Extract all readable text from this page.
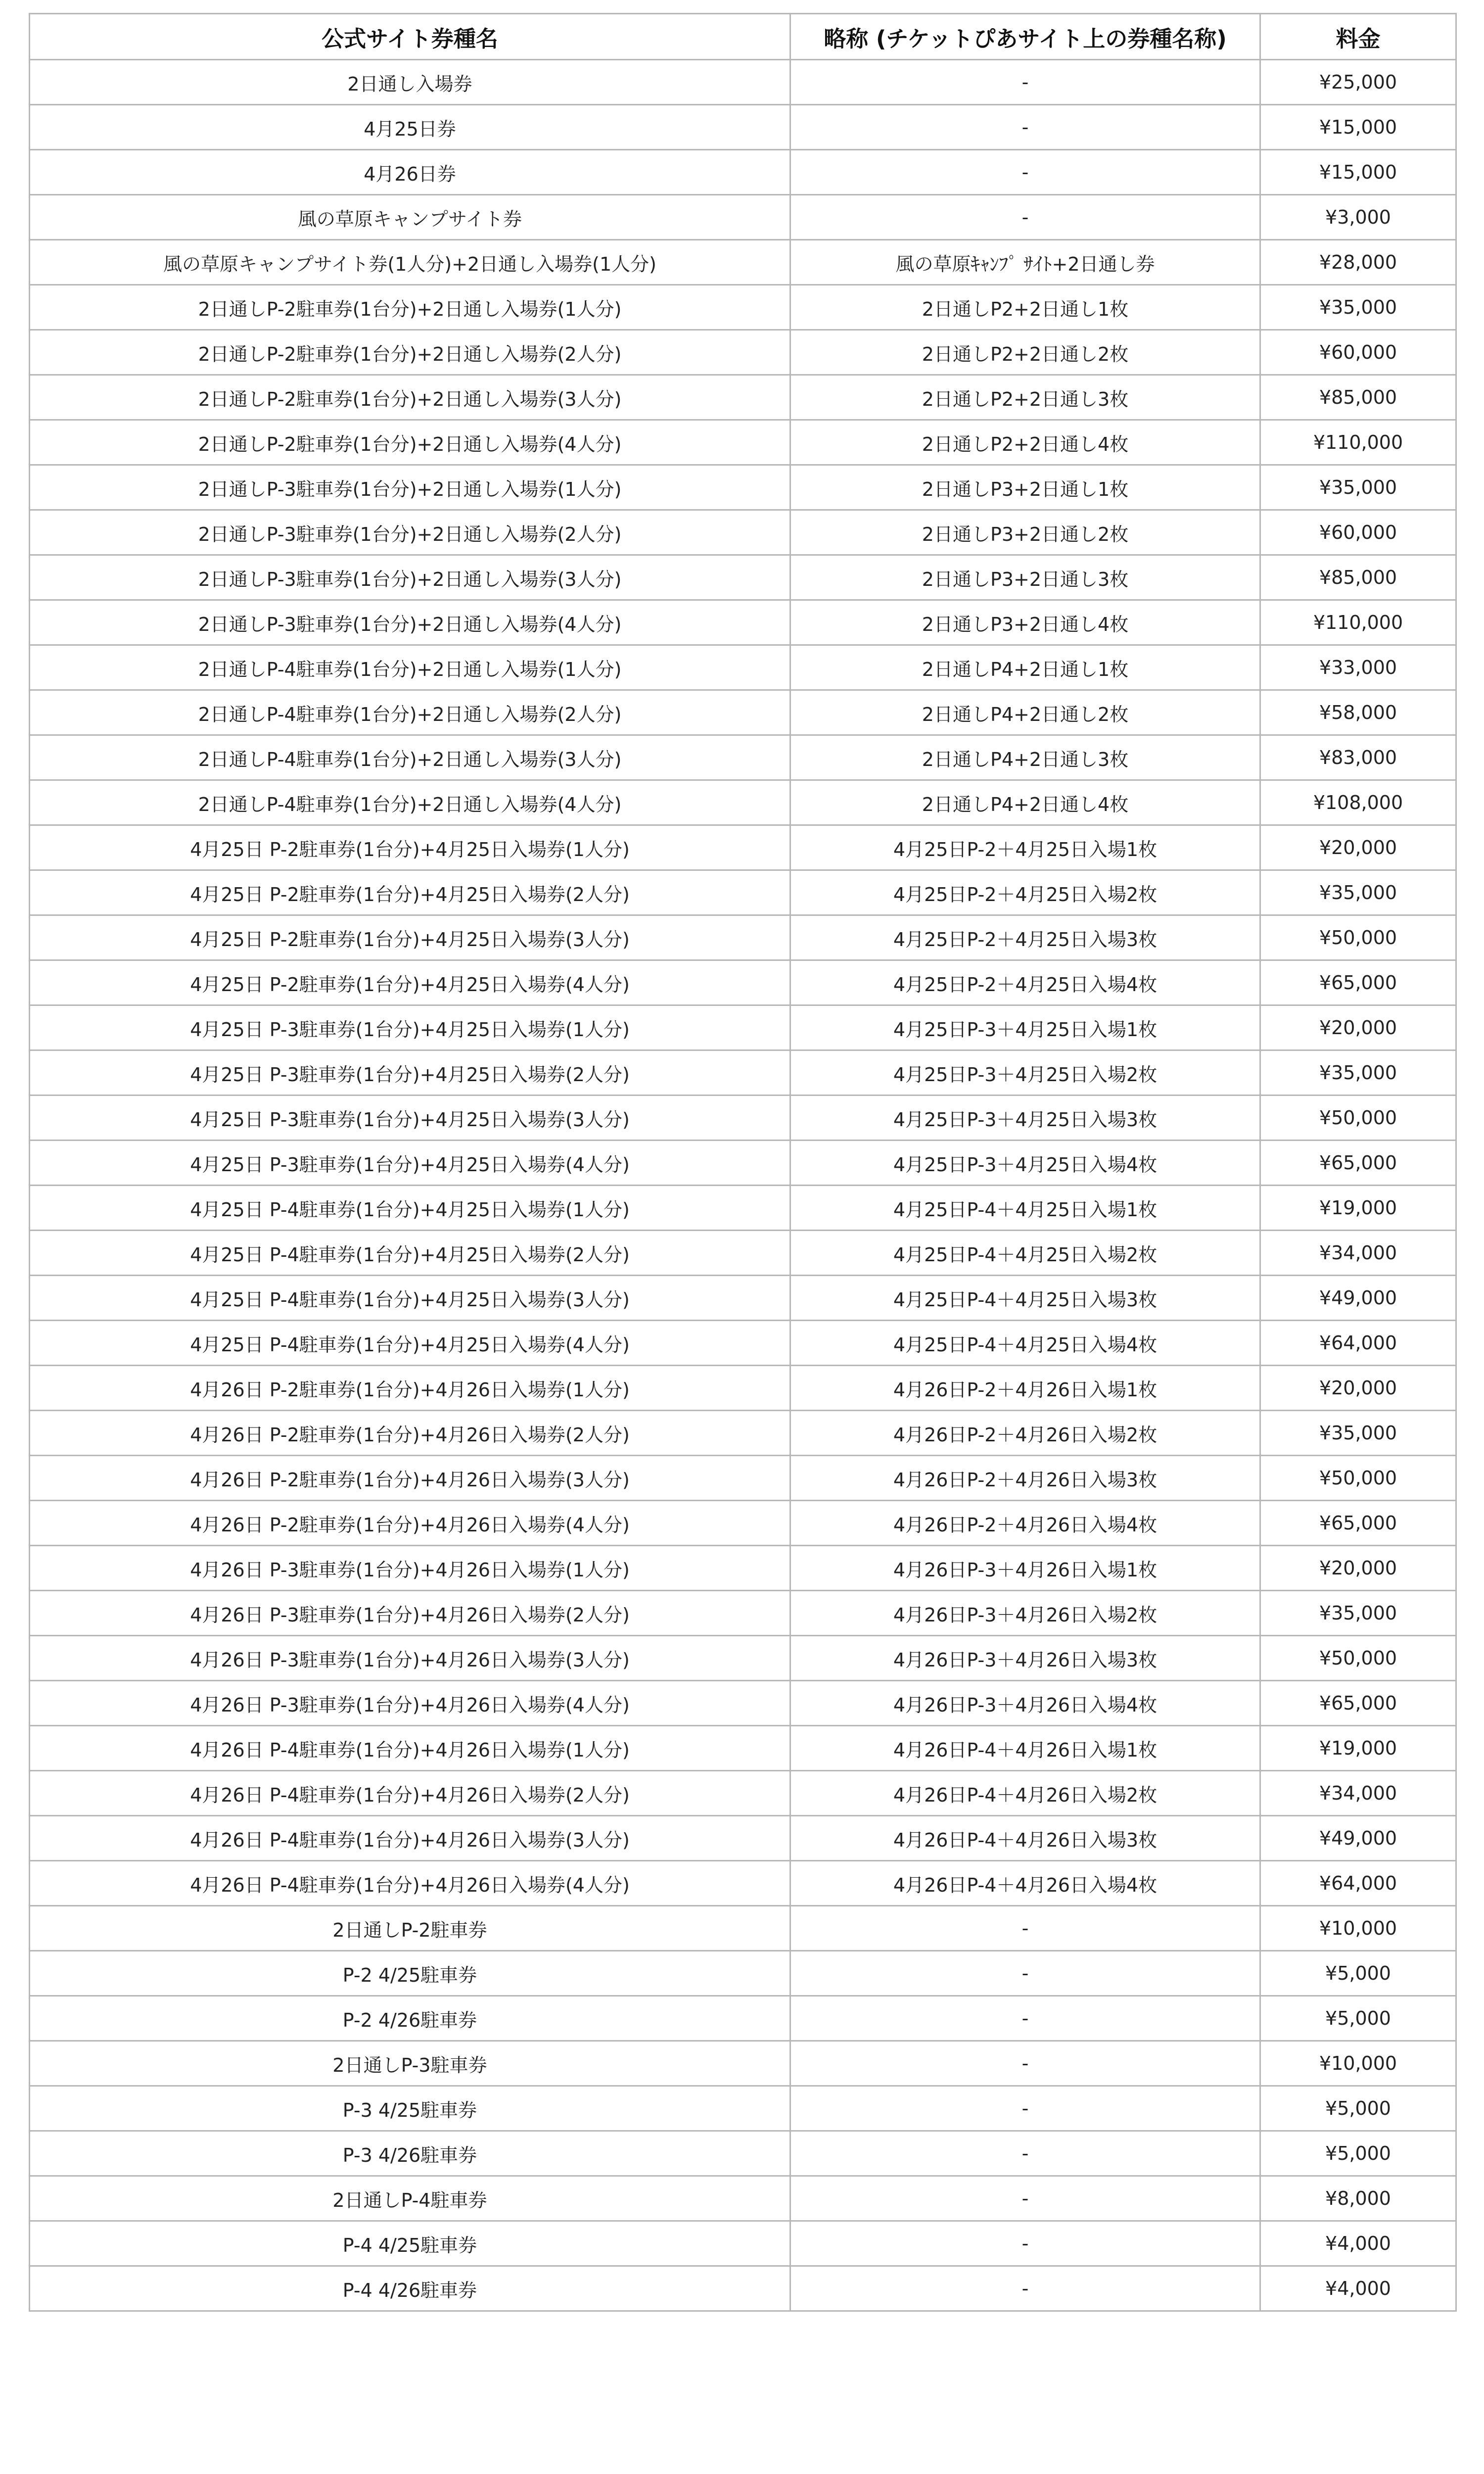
公式サイト券種名	略称 (チケットぴあサイト上の券種名称)	料金
2日通し入場券	-	¥25,000
4月25日券	-	¥15,000
4月26日券	-	¥15,000
風の草原キャンプサイト券	-	¥3,000
風の草原キャンプサイト券(1人分)+2日通し入場券(1人分)	風の草原ｷｬﾝﾌﾟ ｻｲﾄ+2日通し券	¥28,000
2日通しP-2駐車券(1台分)+2日通し入場券(1人分)	2日通しP2+2日通し1枚	¥35,000
2日通しP-2駐車券(1台分)+2日通し入場券(2人分)	2日通しP2+2日通し2枚	¥60,000
2日通しP-2駐車券(1台分)+2日通し入場券(3人分)	2日通しP2+2日通し3枚	¥85,000
2日通しP-2駐車券(1台分)+2日通し入場券(4人分)	2日通しP2+2日通し4枚	¥110,000
2日通しP-3駐車券(1台分)+2日通し入場券(1人分)	2日通しP3+2日通し1枚	¥35,000
2日通しP-3駐車券(1台分)+2日通し入場券(2人分)	2日通しP3+2日通し2枚	¥60,000
2日通しP-3駐車券(1台分)+2日通し入場券(3人分)	2日通しP3+2日通し3枚	¥85,000
2日通しP-3駐車券(1台分)+2日通し入場券(4人分)	2日通しP3+2日通し4枚	¥110,000
2日通しP-4駐車券(1台分)+2日通し入場券(1人分)	2日通しP4+2日通し1枚	¥33,000
2日通しP-4駐車券(1台分)+2日通し入場券(2人分)	2日通しP4+2日通し2枚	¥58,000
2日通しP-4駐車券(1台分)+2日通し入場券(3人分)	2日通しP4+2日通し3枚	¥83,000
2日通しP-4駐車券(1台分)+2日通し入場券(4人分)	2日通しP4+2日通し4枚	¥108,000
4月25日 P-2駐車券(1台分)+4月25日入場券(1人分)	4月25日P-2＋4月25日入場1枚	¥20,000
4月25日 P-2駐車券(1台分)+4月25日入場券(2人分)	4月25日P-2＋4月25日入場2枚	¥35,000
4月25日 P-2駐車券(1台分)+4月25日入場券(3人分)	4月25日P-2＋4月25日入場3枚	¥50,000
4月25日 P-2駐車券(1台分)+4月25日入場券(4人分)	4月25日P-2＋4月25日入場4枚	¥65,000
4月25日 P-3駐車券(1台分)+4月25日入場券(1人分)	4月25日P-3＋4月25日入場1枚	¥20,000
4月25日 P-3駐車券(1台分)+4月25日入場券(2人分)	4月25日P-3＋4月25日入場2枚	¥35,000
4月25日 P-3駐車券(1台分)+4月25日入場券(3人分)	4月25日P-3＋4月25日入場3枚	¥50,000
4月25日 P-3駐車券(1台分)+4月25日入場券(4人分)	4月25日P-3＋4月25日入場4枚	¥65,000
4月25日 P-4駐車券(1台分)+4月25日入場券(1人分)	4月25日P-4＋4月25日入場1枚	¥19,000
4月25日 P-4駐車券(1台分)+4月25日入場券(2人分)	4月25日P-4＋4月25日入場2枚	¥34,000
4月25日 P-4駐車券(1台分)+4月25日入場券(3人分)	4月25日P-4＋4月25日入場3枚	¥49,000
4月25日 P-4駐車券(1台分)+4月25日入場券(4人分)	4月25日P-4＋4月25日入場4枚	¥64,000
4月26日 P-2駐車券(1台分)+4月26日入場券(1人分)	4月26日P-2＋4月26日入場1枚	¥20,000
4月26日 P-2駐車券(1台分)+4月26日入場券(2人分)	4月26日P-2＋4月26日入場2枚	¥35,000
4月26日 P-2駐車券(1台分)+4月26日入場券(3人分)	4月26日P-2＋4月26日入場3枚	¥50,000
4月26日 P-2駐車券(1台分)+4月26日入場券(4人分)	4月26日P-2＋4月26日入場4枚	¥65,000
4月26日 P-3駐車券(1台分)+4月26日入場券(1人分)	4月26日P-3＋4月26日入場1枚	¥20,000
4月26日 P-3駐車券(1台分)+4月26日入場券(2人分)	4月26日P-3＋4月26日入場2枚	¥35,000
4月26日 P-3駐車券(1台分)+4月26日入場券(3人分)	4月26日P-3＋4月26日入場3枚	¥50,000
4月26日 P-3駐車券(1台分)+4月26日入場券(4人分)	4月26日P-3＋4月26日入場4枚	¥65,000
4月26日 P-4駐車券(1台分)+4月26日入場券(1人分)	4月26日P-4＋4月26日入場1枚	¥19,000
4月26日 P-4駐車券(1台分)+4月26日入場券(2人分)	4月26日P-4＋4月26日入場2枚	¥34,000
4月26日 P-4駐車券(1台分)+4月26日入場券(3人分)	4月26日P-4＋4月26日入場3枚	¥49,000
4月26日 P-4駐車券(1台分)+4月26日入場券(4人分)	4月26日P-4＋4月26日入場4枚	¥64,000
2日通しP-2駐車券	-	¥10,000
P-2 4/25駐車券	-	¥5,000
P-2 4/26駐車券	-	¥5,000
2日通しP-3駐車券	-	¥10,000
P-3 4/25駐車券	-	¥5,000
P-3 4/26駐車券	-	¥5,000
2日通しP-4駐車券	-	¥8,000
P-4 4/25駐車券	-	¥4,000
P-4 4/26駐車券	-	¥4,000
